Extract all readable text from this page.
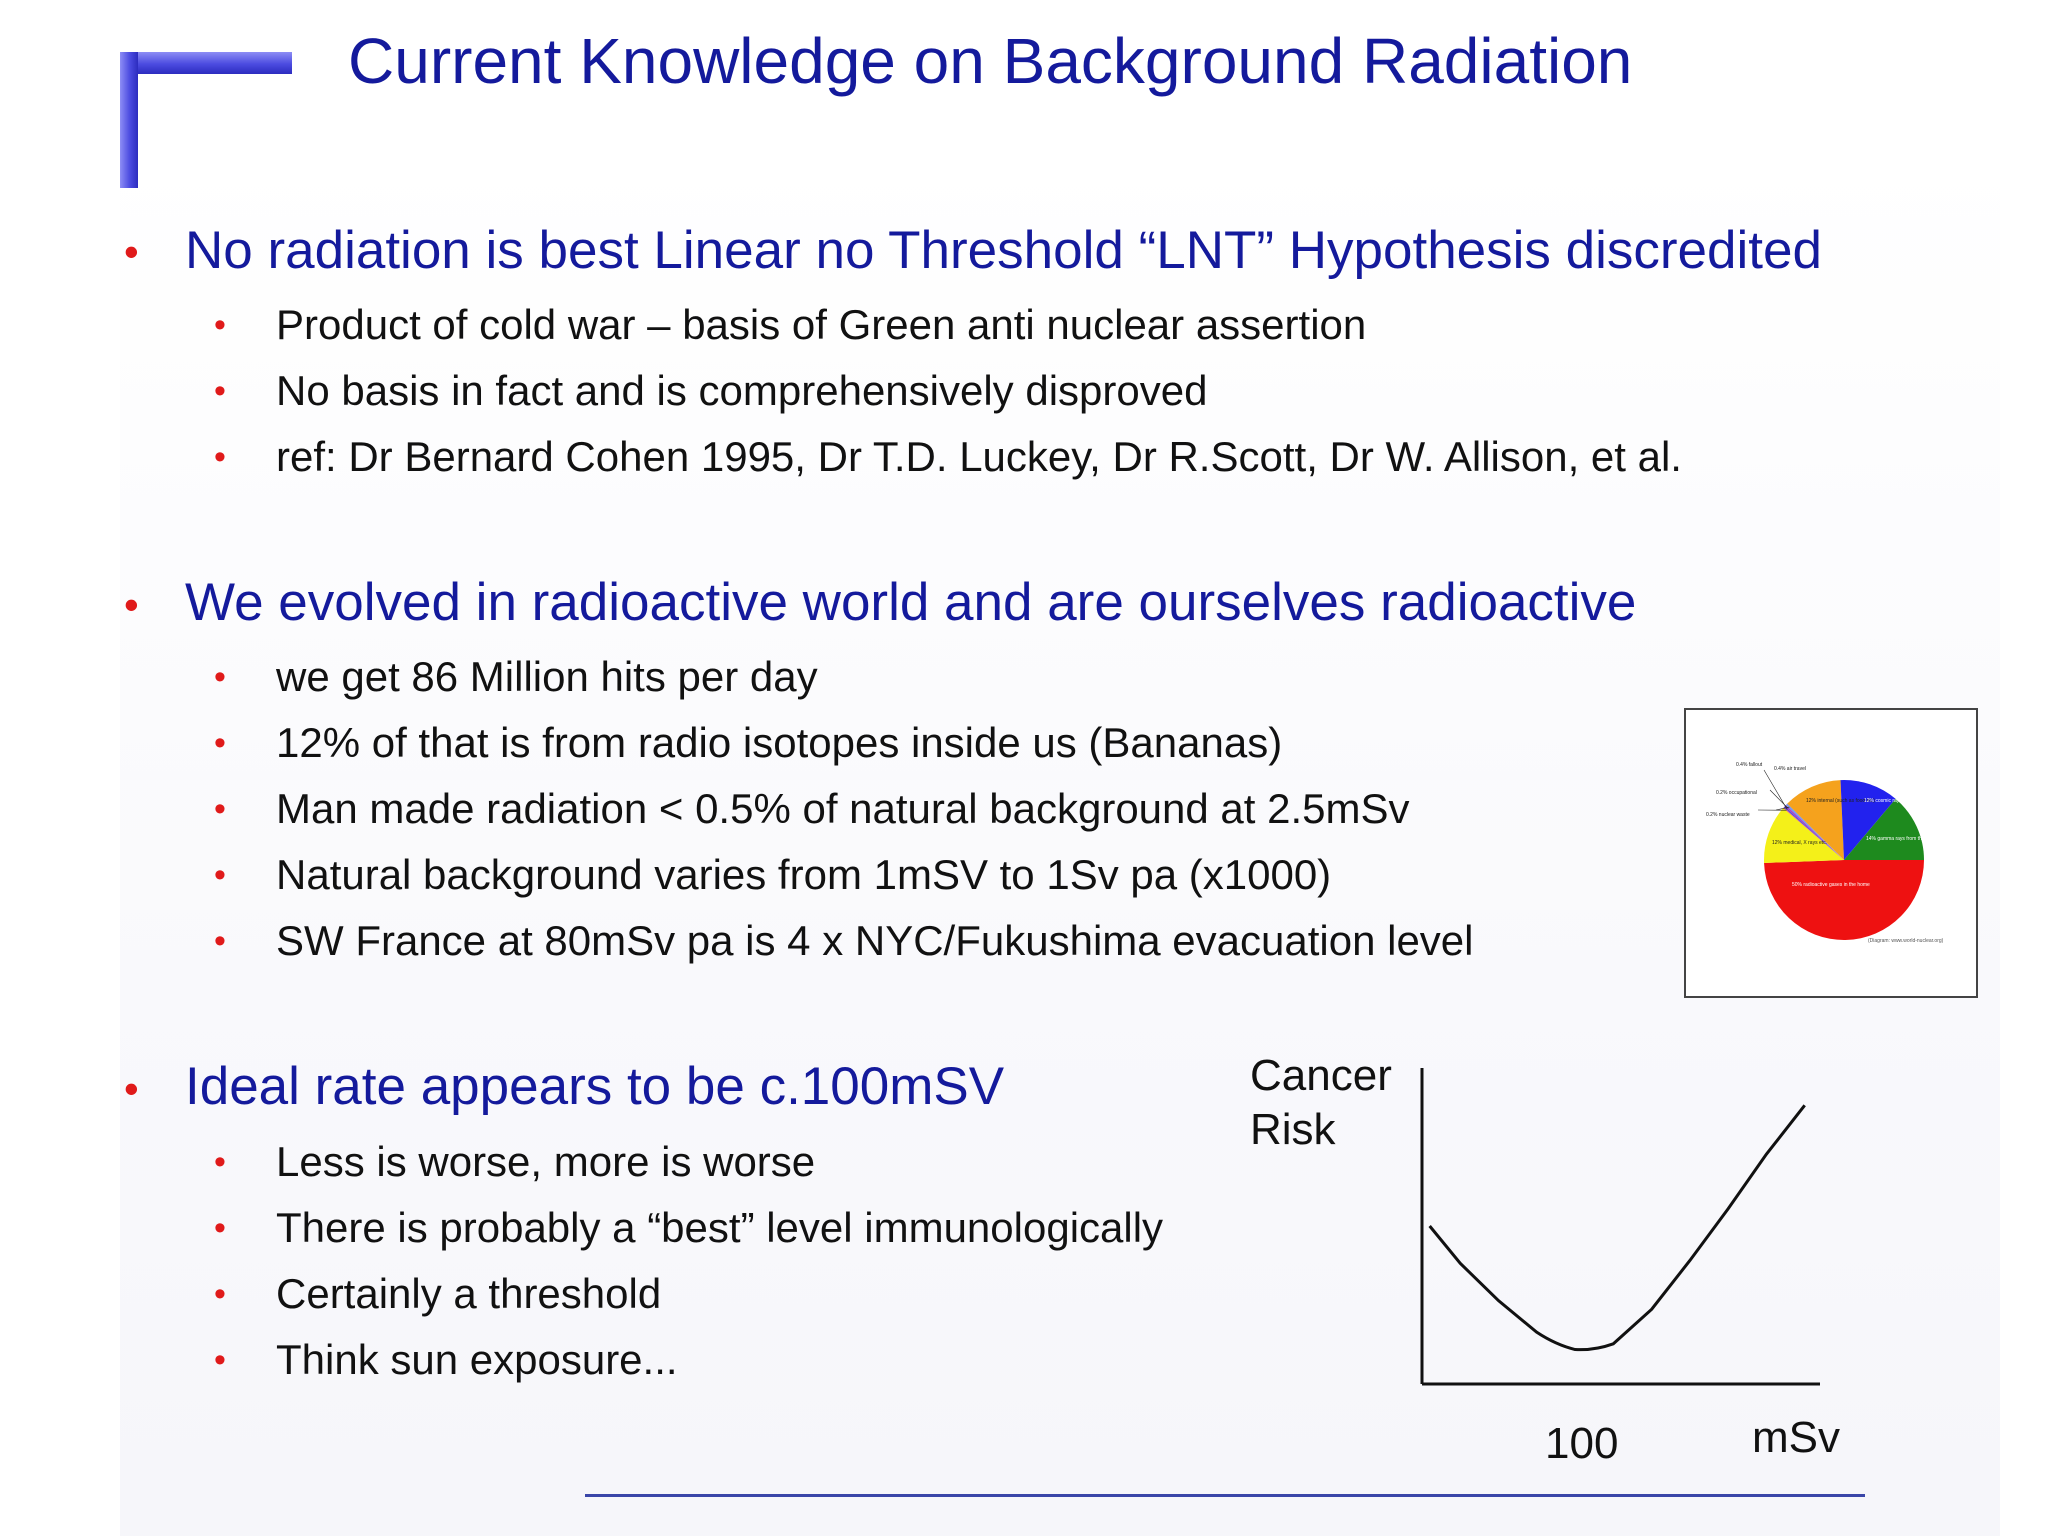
Current Knowledge on Background Radiation
• No radiation is best Linear no Threshold “LNT” Hypothesis discredited
• Product of cold war – basis of Green anti nuclear assertion
• No basis in fact and is comprehensively disproved
• ref: Dr Bernard Cohen 1995, Dr T.D. Luckey, Dr R.Scott, Dr W. Allison, et al.
• We evolved in radioactive world and are ourselves radioactive
• we get 86 Million hits per day
• 12% of that is from radio isotopes inside us (Bananas)
• Man made radiation < 0.5% of natural background at 2.5mSv
• Natural background varies from 1mSV to 1Sv pa (x1000)
• SW France at 80mSv pa is 4 x NYC/Fukushima evacuation level
• Ideal rate appears to be c.100mSV
• Less is worse, more is worse
• There is probably a “best” level immunologically
• Certainly a threshold
• Think sun exposure...
0.4% fallout
0.4% air travel
0.2% occupational
0.2% nuclear waste
12% internal (such as food etc)
12% cosmic rays
14% gamma rays from the ground
12% medical, X rays etc.
50% radioactive gases in the home
(Diagram: www.world-nuclear.org)
Cancer
Risk
100	mSv
